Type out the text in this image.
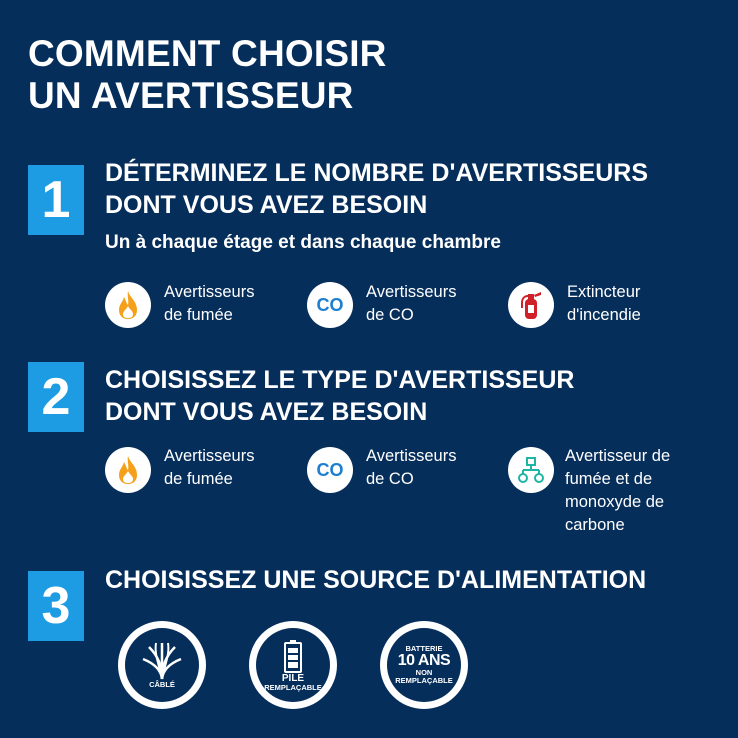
COMMENT CHOISIR
UN AVERTISSEUR
1	DÉTERMINEZ LE NOMBRE D'AVERTISSEURS
DONT VOUS AVEZ BESOIN
Un à chaque étage et dans chaque chambre
Avertisseurs
de fumée
CO
Avertisseurs
de CO
Extincteur
d'incendie
2	CHOISISSEZ LE TYPE D'AVERTISSEUR
DONT VOUS AVEZ BESOIN
Avertisseurs
de fumée	CO
Avertisseurs
de CO
Avertisseur de
fumée et de
monoxyde de
carbone
3	CHOISISSEZ UNE SOURCE D'ALIMENTATION
CÂBLÉ
PILE
REMPLAÇABLE
BATTERIE
10 ANS
NON
REMPLAÇABLE
